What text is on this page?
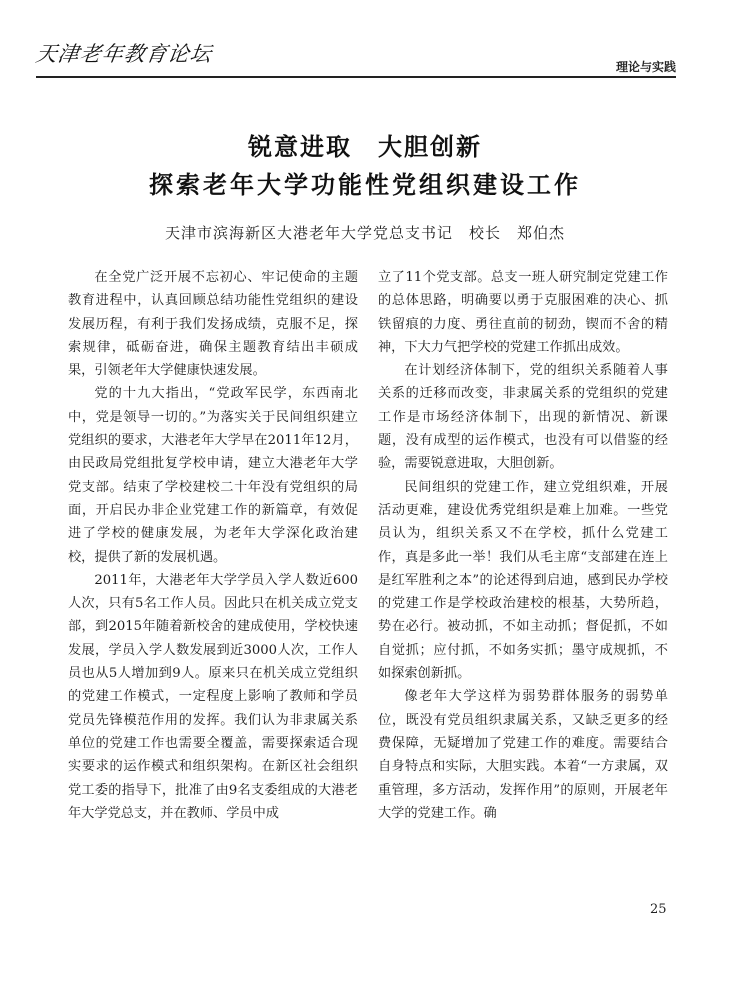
天津老年教育论坛
理论与实践

锐意进取　大胆创新

探索老年大学功能性党组织建设工作

天津市滨海新区大港老年大学党总支书记　校长　郑伯杰

在全党广泛开展不忘初心、牢记使命的主题教育进程中，认真回顾总结功能性党组织的建设发展历程，有利于我们发扬成绩，克服不足，探索规律，砥砺奋进，确保主题教育结出丰硕成果，引领老年大学健康快速发展。

党的十九大指出，“党政军民学，东西南北中，党是领导一切的。”为落实关于民间组织建立党组织的要求，大港老年大学早在2011年12月，由民政局党组批复学校申请，建立大港老年大学党支部。结束了学校建校二十年没有党组织的局面，开启民办非企业党建工作的新篇章，有效促进了学校的健康发展，为老年大学深化政治建校，提供了新的发展机遇。

2011年，大港老年大学学员入学人数近600人次，只有5名工作人员。因此只在机关成立党支部，到2015年随着新校舍的建成使用，学校快速发展，学员入学人数发展到近3000人次，工作人员也从5人增加到9人。原来只在机关成立党组织的党建工作模式，一定程度上影响了教师和学员党员先锋模范作用的发挥。我们认为非隶属关系单位的党建工作也需要全覆盖，需要探索适合现实要求的运作模式和组织架构。在新区社会组织党工委的指导下，批准了由9名支委组成的大港老年大学党总支，并在教师、学员中成

立了11个党支部。总支一班人研究制定党建工作的总体思路，明确要以勇于克服困难的决心、抓铁留痕的力度、勇往直前的韧劲，锲而不舍的精神，下大力气把学校的党建工作抓出成效。

在计划经济体制下，党的组织关系随着人事关系的迁移而改变，非隶属关系的党组织的党建工作是市场经济体制下，出现的新情况、新课题，没有成型的运作模式，也没有可以借鉴的经验，需要锐意进取，大胆创新。

民间组织的党建工作，建立党组织难，开展活动更难，建设优秀党组织是难上加难。一些党员认为，组织关系又不在学校，抓什么党建工作，真是多此一举！我们从毛主席“支部建在连上是红军胜利之本”的论述得到启迪，感到民办学校的党建工作是学校政治建校的根基，大势所趋，势在必行。被动抓，不如主动抓；督促抓，不如自觉抓；应付抓，不如务实抓；墨守成规抓，不如探索创新抓。

像老年大学这样为弱势群体服务的弱势单位，既没有党员组织隶属关系，又缺乏更多的经费保障，无疑增加了党建工作的难度。需要结合自身特点和实际，大胆实践。本着“一方隶属，双重管理，多方活动，发挥作用”的原则，开展老年大学的党建工作。确

25
